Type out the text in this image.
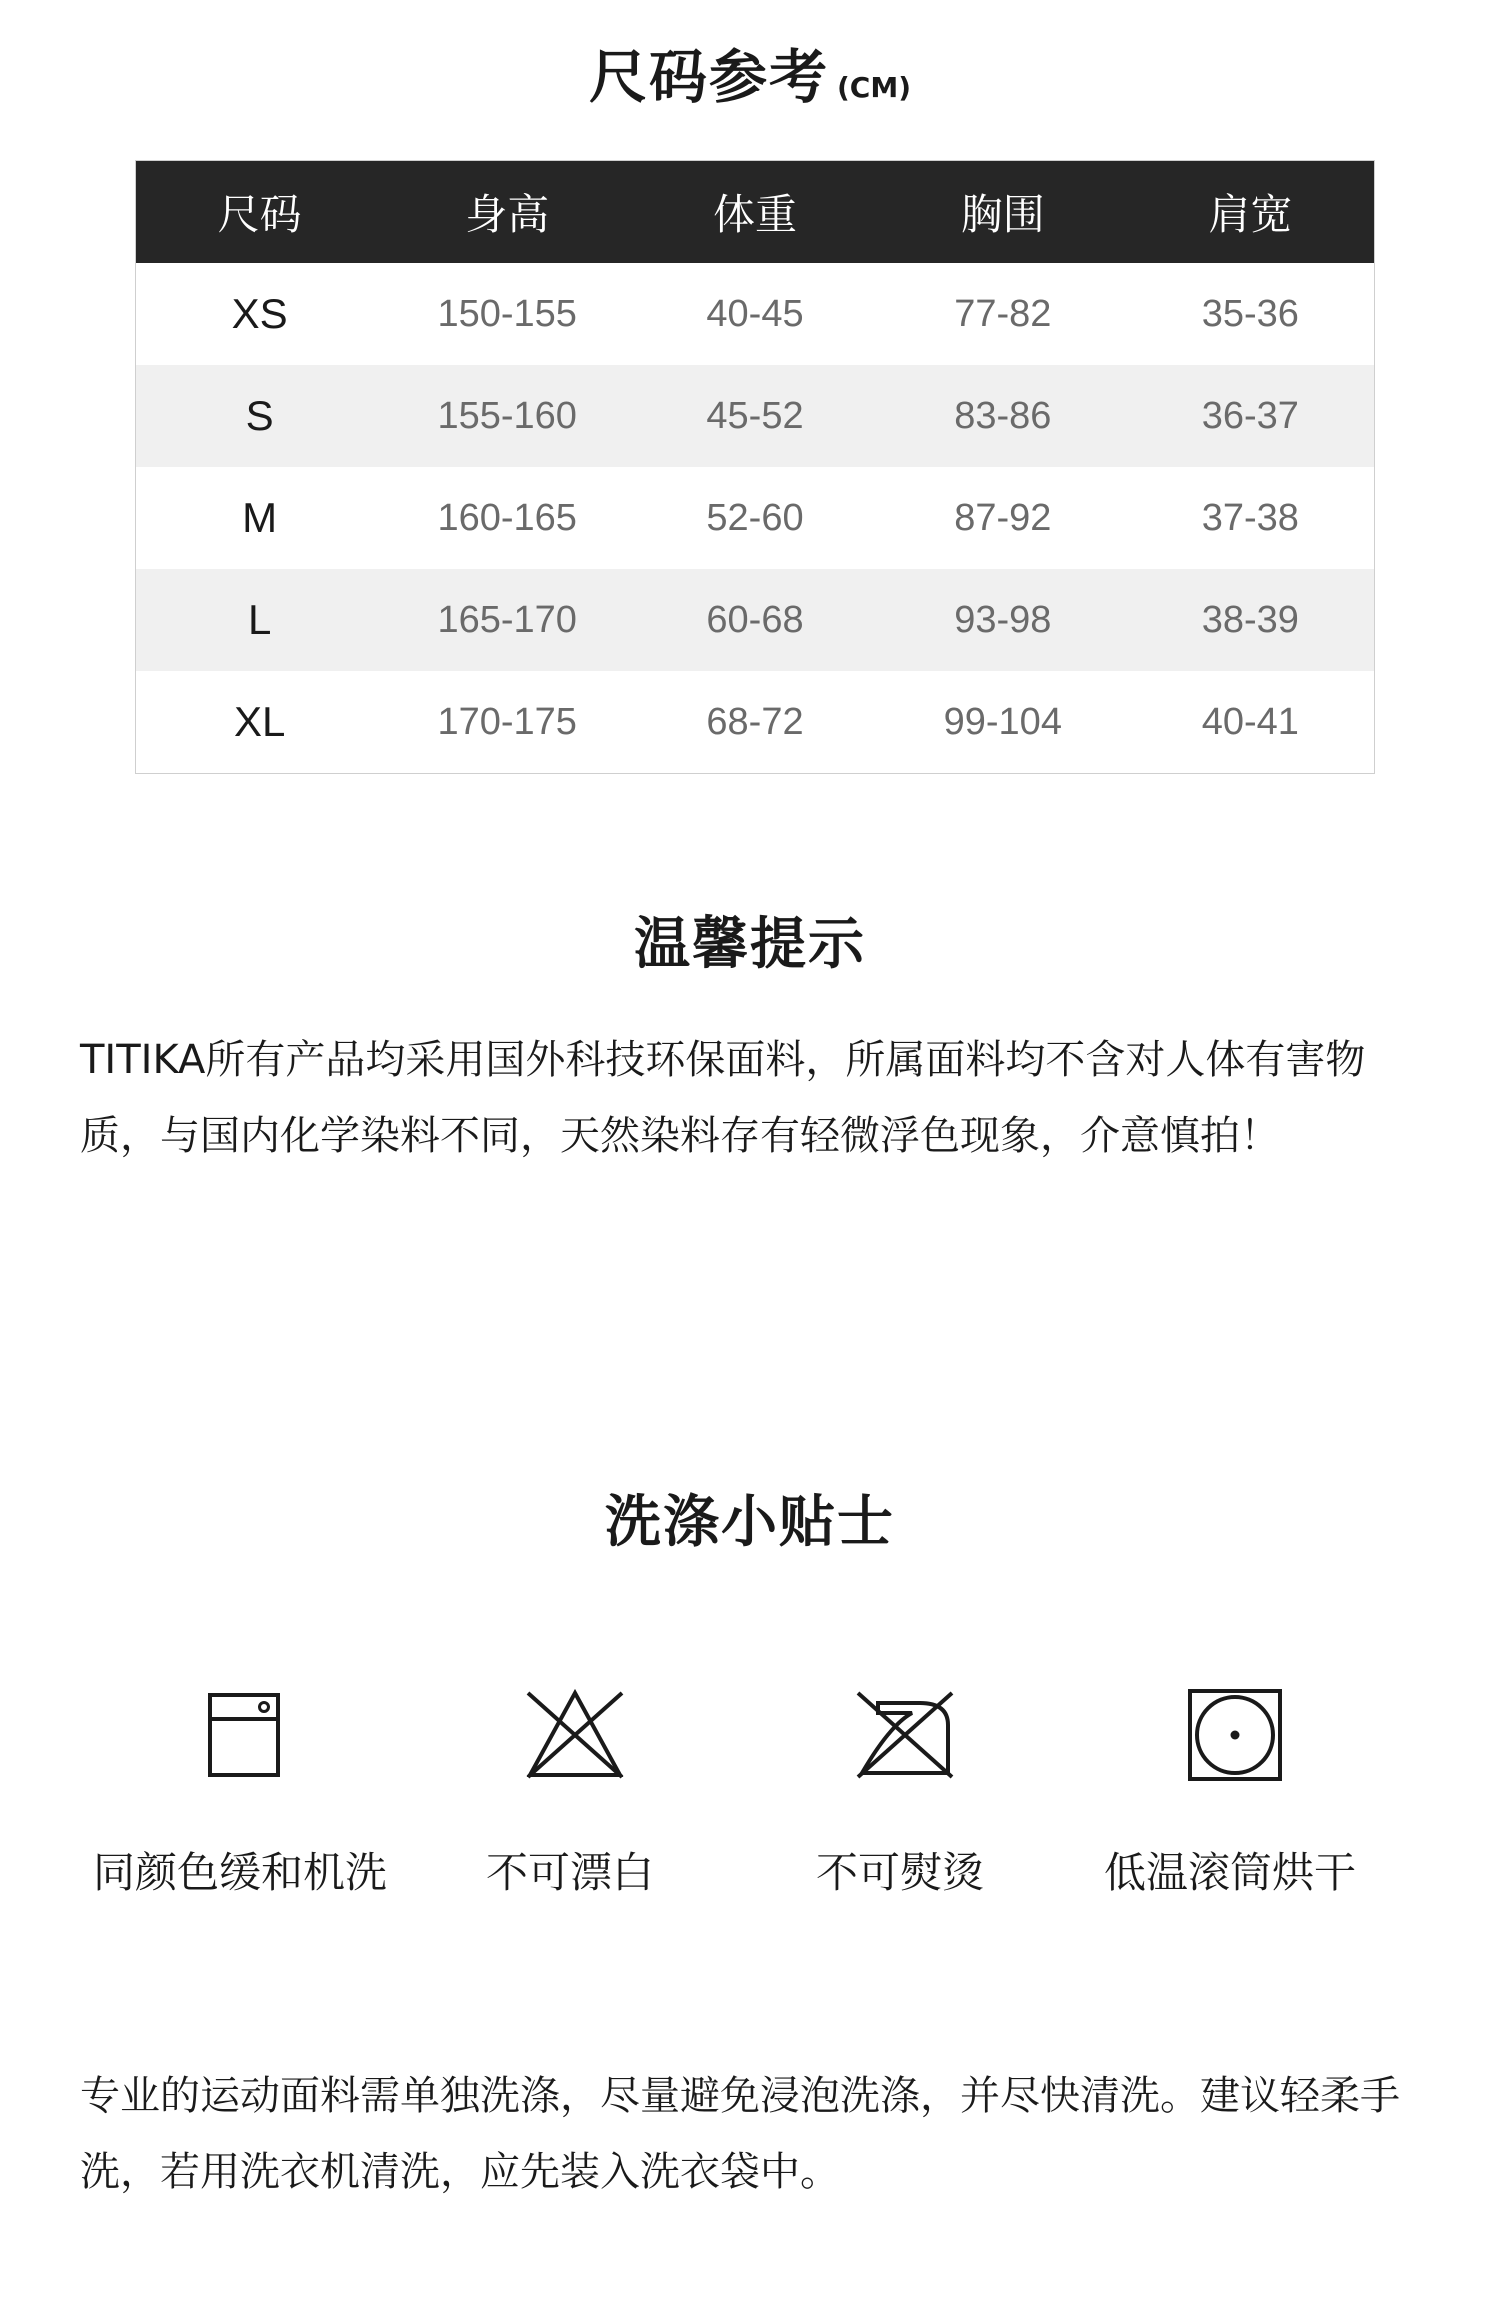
尺码参考 (CM)
尺码	身高	体重	胸围	肩宽
XS	150-155	40-45	77-82	35-36
S	155-160	45-52	83-86	36-37
M	160-165	52-60	87-92	37-38
L	165-170	60-68	93-98	38-39
XL	170-175	68-72	99-104	40-41
温馨提示

TITIKA所有产品均采用国外科技环保面料，所属面料均不含对人体有害物质，与国内化学染料不同，天然染料存有轻微浮色现象，介意慎拍！

洗涤小贴士
同颜色缓和机洗	不可漂白	不可熨烫	低温滚筒烘干

专业的运动面料需单独洗涤，尽量避免浸泡洗涤，并尽快清洗。建议轻柔手洗，若用洗衣机清洗，应先装入洗衣袋中。
